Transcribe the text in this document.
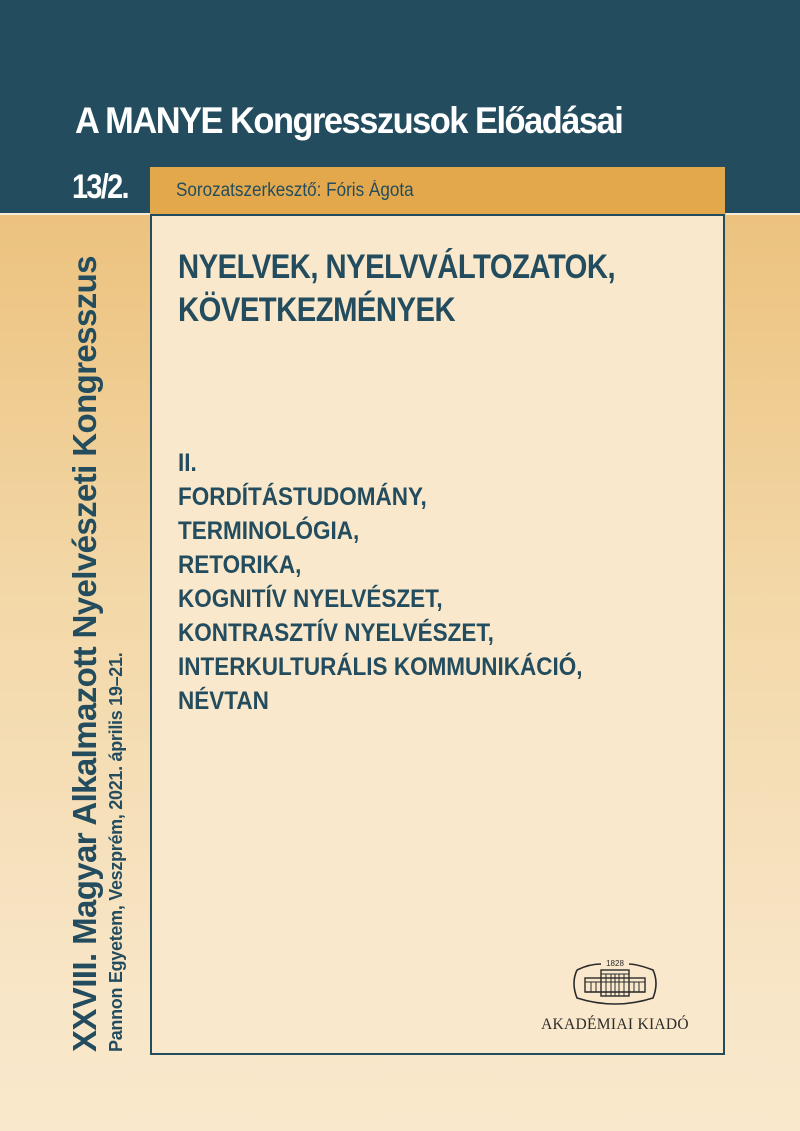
A MANYE Kongresszusok Előadásai
13/2.	Sorozatszerkesztő: Fóris Ágota
XXVIII. Magyar Alkalmazott Nyelvészeti Kongresszus Pannon Egyetem, Veszprém, 2021. április 19–21.
NYELVEK, NYELVVÁLTOZATOK,
KÖVETKEZMÉNYEK
II.
FORDÍTÁSTUDOMÁNY,
TERMINOLÓGIA,
RETORIKA,
KOGNITÍV NYELVÉSZET,
KONTRASZTÍV NYELVÉSZET,
INTERKULTURÁLIS KOMMUNIKÁCIÓ,
NÉVTAN
1828
AKADÉMIAI KIADÓ
